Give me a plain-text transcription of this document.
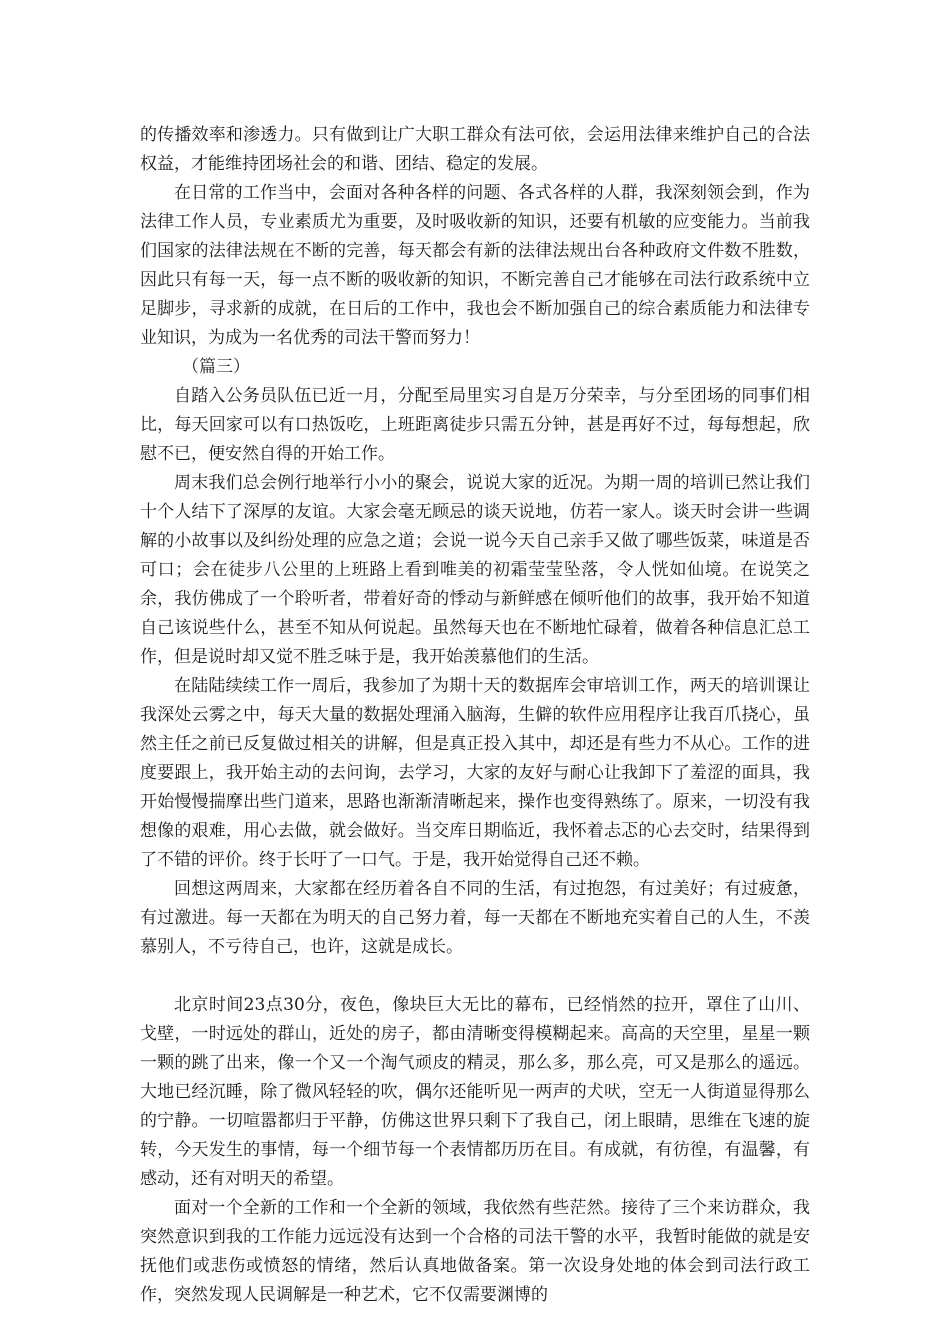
的传播效率和渗透力。只有做到让广大职工群众有法可依，会运用法律来维护自己的合法权益，才能维持团场社会的和谐、团结、稳定的发展。

在日常的工作当中，会面对各种各样的问题、各式各样的人群，我深刻领会到，作为法律工作人员，专业素质尤为重要，及时吸收新的知识，还要有机敏的应变能力。当前我们国家的法律法规在不断的完善，每天都会有新的法律法规出台各种政府文件数不胜数，因此只有每一天，每一点不断的吸收新的知识，不断完善自己才能够在司法行政系统中立足脚步，寻求新的成就，在日后的工作中，我也会不断加强自己的综合素质能力和法律专业知识，为成为一名优秀的司法干警而努力！

（篇三）

自踏入公务员队伍已近一月，分配至局里实习自是万分荣幸，与分至团场的同事们相比，每天回家可以有口热饭吃，上班距离徒步只需五分钟，甚是再好不过，每每想起，欣慰不已，便安然自得的开始工作。

周末我们总会例行地举行小小的聚会，说说大家的近况。为期一周的培训已然让我们十个人结下了深厚的友谊。大家会毫无顾忌的谈天说地，仿若一家人。谈天时会讲一些调解的小故事以及纠纷处理的应急之道；会说一说今天自己亲手又做了哪些饭菜，味道是否可口；会在徒步八公里的上班路上看到唯美的初霜莹莹坠落，令人恍如仙境。在说笑之余，我仿佛成了一个聆听者，带着好奇的悸动与新鲜感在倾听他们的故事，我开始不知道自己该说些什么，甚至不知从何说起。虽然每天也在不断地忙碌着，做着各种信息汇总工作，但是说时却又觉不胜乏味于是，我开始羡慕他们的生活。

在陆陆续续工作一周后，我参加了为期十天的数据库会审培训工作，两天的培训课让我深处云雾之中，每天大量的数据处理涌入脑海，生僻的软件应用程序让我百爪挠心，虽然主任之前已反复做过相关的讲解，但是真正投入其中，却还是有些力不从心。工作的进度要跟上，我开始主动的去问询，去学习，大家的友好与耐心让我卸下了羞涩的面具，我开始慢慢揣摩出些门道来，思路也渐渐清晰起来，操作也变得熟练了。原来，一切没有我想像的艰难，用心去做，就会做好。当交库日期临近，我怀着忐忑的心去交时，结果得到了不错的评价。终于长吁了一口气。于是，我开始觉得自己还不赖。

回想这两周来，大家都在经历着各自不同的生活，有过抱怨，有过美好；有过疲惫，有过激进。每一天都在为明天的自己努力着，每一天都在不断地充实着自己的人生，不羡慕别人，不亏待自己，也许，这就是成长。

北京时间23点30分，夜色，像块巨大无比的幕布，已经悄然的拉开，罩住了山川、戈壁，一时远处的群山，近处的房子，都由清晰变得模糊起来。高高的天空里，星星一颗一颗的跳了出来，像一个又一个淘气顽皮的精灵，那么多，那么亮，可又是那么的遥远。大地已经沉睡，除了微风轻轻的吹，偶尔还能听见一两声的犬吠，空无一人街道显得那么的宁静。一切喧嚣都归于平静，仿佛这世界只剩下了我自己，闭上眼睛，思维在飞速的旋转，今天发生的事情，每一个细节每一个表情都历历在目。有成就，有彷徨，有温馨，有感动，还有对明天的希望。

面对一个全新的工作和一个全新的领域，我依然有些茫然。接待了三个来访群众，我突然意识到我的工作能力远远没有达到一个合格的司法干警的水平，我暂时能做的就是安抚他们或悲伤或愤怒的情绪，然后认真地做备案。第一次设身处地的体会到司法行政工作，突然发现人民调解是一种艺术，它不仅需要渊博的
